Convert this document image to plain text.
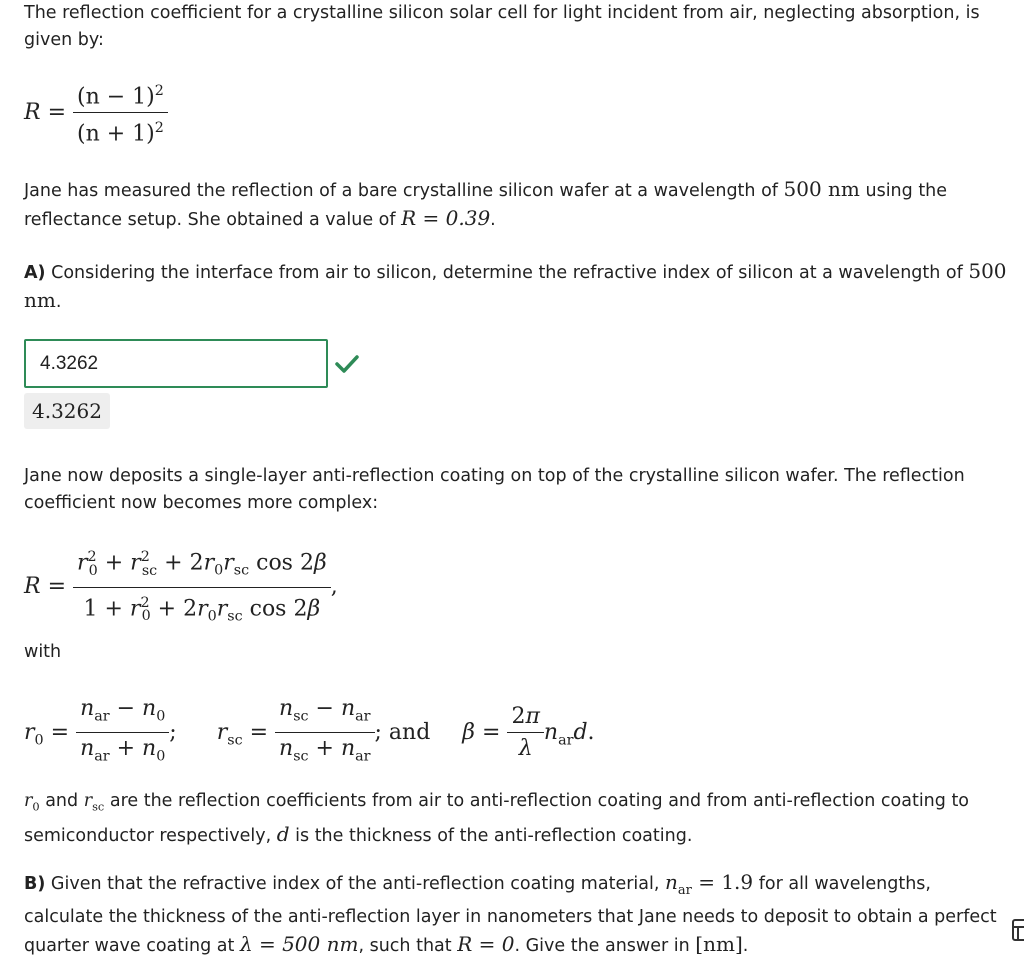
The reflection coefficient for a crystalline silicon solar cell for light incident from air, neglecting absorption, is given by:

$R = \frac{(n - 1)^2}{(n + 1)^2}$

Jane has measured the reflection of a bare crystalline silicon wafer at a wavelength of 500 nm using the reflectance setup. She obtained a value of R = 0.39.

A) Considering the interface from air to silicon, determine the refractive index of silicon at a wavelength of 500 nm.

4.3262
4.3262

Jane now deposits a single-layer anti-reflection coating on top of the crystalline silicon wafer. The reflection coefficient now becomes more complex:

$R = \frac{r^2_0 + r^2_{sc} + 2r_0r_{sc} \cos 2\beta}{1 + r^2_0 + 2r_0r_{sc} \cos 2\beta}$ ,

with

$r_0 = \frac{n_{ar} - n_0}{n_{ar} + n_0}$ ; $r_{sc} = \frac{n_{sc} - n_{ar}}{n_{sc} + n_{ar}}$ ; and $\beta = \frac{2\pi}{\lambda} n_{ar}d$.

$r_0$ and $r_{sc}$ are the reflection coefficients from air to anti-reflection coating and from anti-reflection coating to semiconductor respectively, d is the thickness of the anti-reflection coating.

B) Given that the refractive index of the anti-reflection coating material, $n_{ar} = 1.9$ for all wavelengths, calculate the thickness of the anti-reflection layer in nanometers that Jane needs to deposit to obtain a perfect quarter wave coating at λ = 500 nm, such that R = 0. Give the answer in [nm].
